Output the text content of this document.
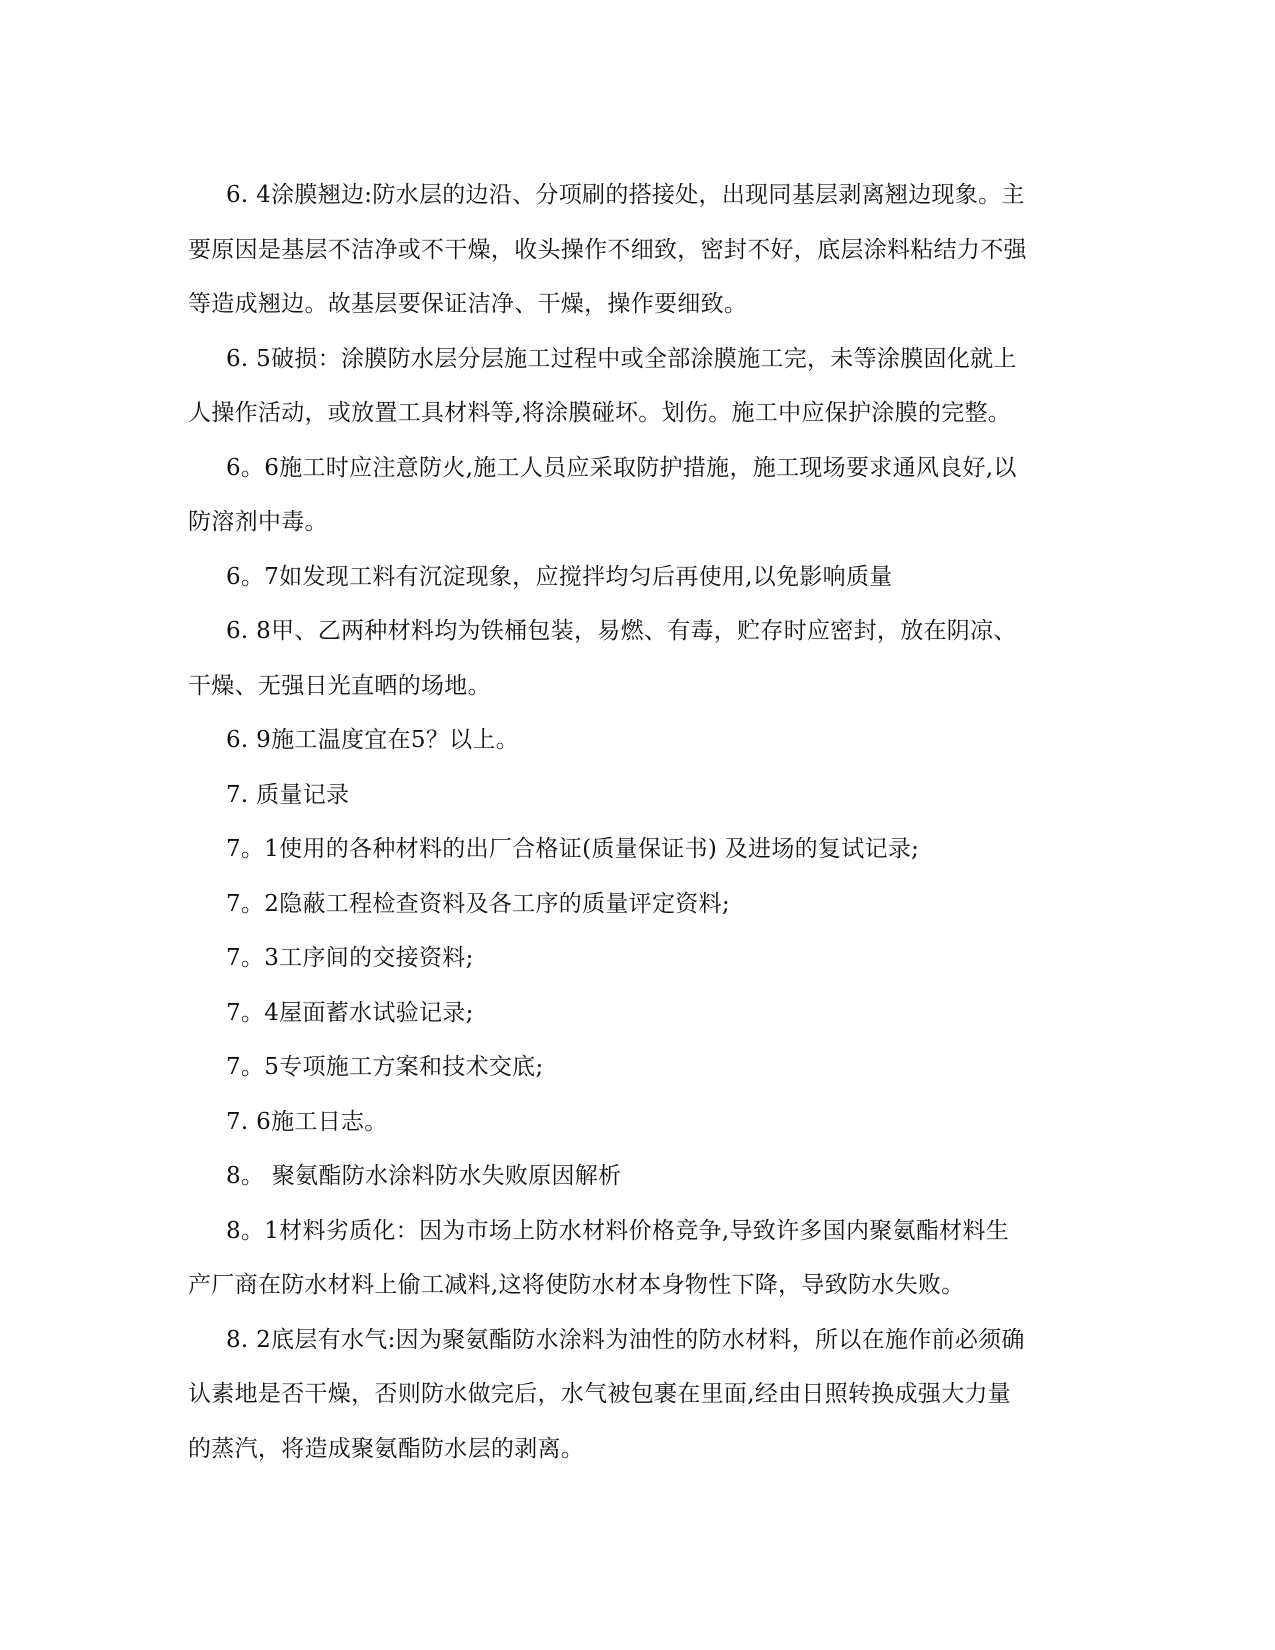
6. 4涂膜翘边:防水层的边沿、分项刷的搭接处，出现同基层剥离翘边现象。主
要原因是基层不洁净或不干燥，收头操作不细致，密封不好，底层涂料粘结力不强
等造成翘边。故基层要保证洁净、干燥，操作要细致。

6. 5破损：涂膜防水层分层施工过程中或全部涂膜施工完，未等涂膜固化就上
人操作活动，或放置工具材料等,将涂膜碰坏。划伤。施工中应保护涂膜的完整。

6。6施工时应注意防火,施工人员应采取防护措施，施工现场要求通风良好,以
防溶剂中毒。

6。7如发现工料有沉淀现象，应搅拌均匀后再使用,以免影响质量

6. 8甲、乙两种材料均为铁桶包装，易燃、有毒，贮存时应密封，放在阴凉、
干燥、无强日光直晒的场地。

6. 9施工温度宜在5？以上。

7. 质量记录

7。1使用的各种材料的出厂合格证(质量保证书) 及进场的复试记录;

7。2隐蔽工程检查资料及各工序的质量评定资料;

7。3工序间的交接资料;

7。4屋面蓄水试验记录;

7。5专项施工方案和技术交底;

7. 6施工日志。

8。 聚氨酯防水涂料防水失败原因解析

8。1材料劣质化：因为市场上防水材料价格竞争,导致许多国内聚氨酯材料生
产厂商在防水材料上偷工减料,这将使防水材本身物性下降，导致防水失败。

8. 2底层有水气:因为聚氨酯防水涂料为油性的防水材料，所以在施作前必须确
认素地是否干燥，否则防水做完后，水气被包裹在里面,经由日照转换成强大力量
的蒸汽，将造成聚氨酯防水层的剥离。
